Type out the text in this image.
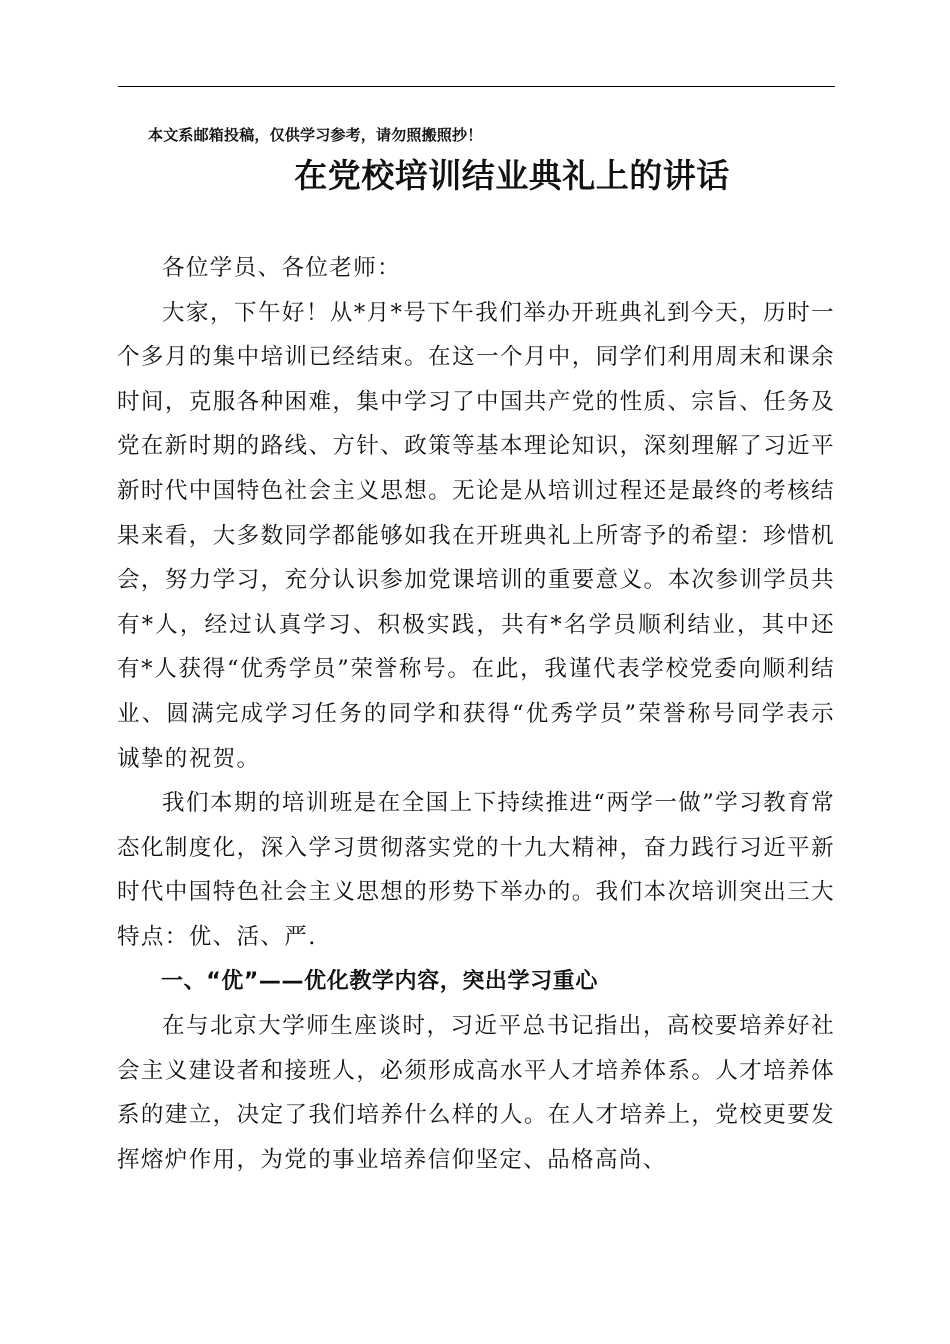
本文系邮箱投稿，仅供学习参考，请勿照搬照抄！
在党校培训结业典礼上的讲话

各位学员、各位老师：

大家，下午好！从*月*号下午我们举办开班典礼到今天，历时一个多月的集中培训已经结束。在这一个月中，同学们利用周末和课余时间，克服各种困难，集中学习了中国共产党的性质、宗旨、任务及党在新时期的路线、方针、政策等基本理论知识，深刻理解了习近平新时代中国特色社会主义思想。无论是从培训过程还是最终的考核结果来看，大多数同学都能够如我在开班典礼上所寄予的希望：珍惜机会，努力学习，充分认识参加党课培训的重要意义。本次参训学员共有*人，经过认真学习、积极实践，共有*名学员顺利结业，其中还有*人获得“优秀学员”荣誉称号。在此，我谨代表学校党委向顺利结业、圆满完成学习任务的同学和获得“优秀学员”荣誉称号同学表示诚挚的祝贺。

我们本期的培训班是在全国上下持续推进“两学一做”学习教育常态化制度化，深入学习贯彻落实党的十九大精神，奋力践行习近平新时代中国特色社会主义思想的形势下举办的。我们本次培训突出三大特点：优、活、严.

一、“优”——优化教学内容，突出学习重心

在与北京大学师生座谈时，习近平总书记指出，高校要培养好社会主义建设者和接班人，必须形成高水平人才培养体系。人才培养体系的建立，决定了我们培养什么样的人。在人才培养上，党校更要发挥熔炉作用，为党的事业培养信仰坚定、品格高尚、
